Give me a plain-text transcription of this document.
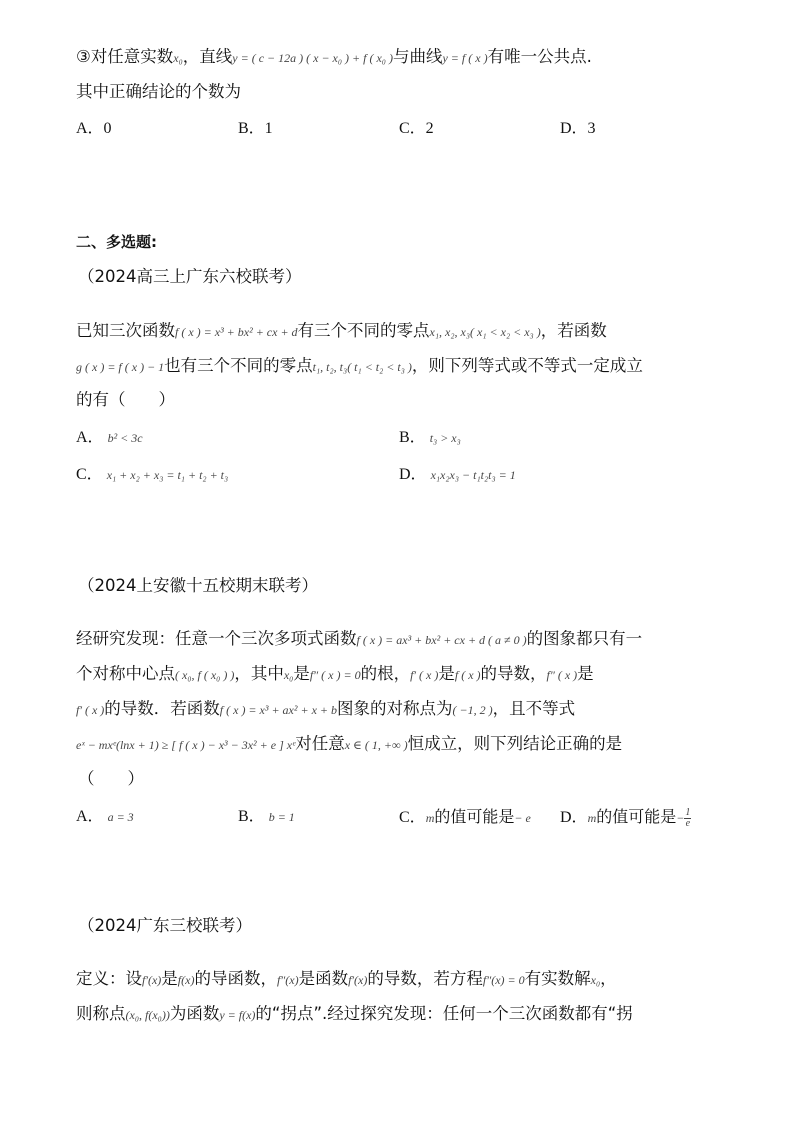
③对任意实数x₀，直线y = ( c − 12a ) ( x − x₀ ) + f ( x₀ )与曲线y = f ( x )有唯一公共点.
其中正确结论的个数为
A．0	B．1	C．2	D．3
二、多选题:
（2024高三上广东六校联考）
已知三次函数f ( x ) = x³ + bx² + cx + d有三个不同的零点x₁, x₂, x₃( x₁ < x₂ < x₃ )，若函数
g ( x ) = f ( x ) − 1也有三个不同的零点t₁, t₂, t₃( t₁ < t₂ < t₃ )，则下列等式或不等式一定成立
的有（　　）
A． b² < 3c	B． t₃ > x₃
C． x₁ + x₂ + x₃ = t₁ + t₂ + t₃	D． x₁x₂x₃ − t₁t₂t₃ = 1
（2024上安徽十五校期末联考）
经研究发现：任意一个三次多项式函数f ( x ) = ax³ + bx² + cx + d ( a ≠ 0 )的图象都只有一
个对称中心点( x₀, f ( x₀ ) )，其中x₀是f″ ( x ) = 0的根，f′ ( x )是f ( x )的导数，f″ ( x )是
f′ ( x )的导数．若函数f ( x ) = x³ + ax² + x + b图象的对称点为( −1, 2 )，且不等式
eˣ − mxᵉ(lnx + 1) ≥ [ f ( x ) − x³ − 3x² + e ] xᵉ对任意x ∈ ( 1, +∞ )恒成立，则下列结论正确的是
（　　）
A． a = 3	B． b = 1	C．m的值可能是− e D．m的值可能是− $\frac{1}{e}$
（2024广东三校联考）
定义：设f′(x)是f(x)的导函数，f″(x)是函数f′(x)的导数，若方程f″(x) = 0有实数解x₀，
则称点(x₀, f(x₀))为函数y = f(x)的“拐点”.经过探究发现：任何一个三次函数都有“拐
